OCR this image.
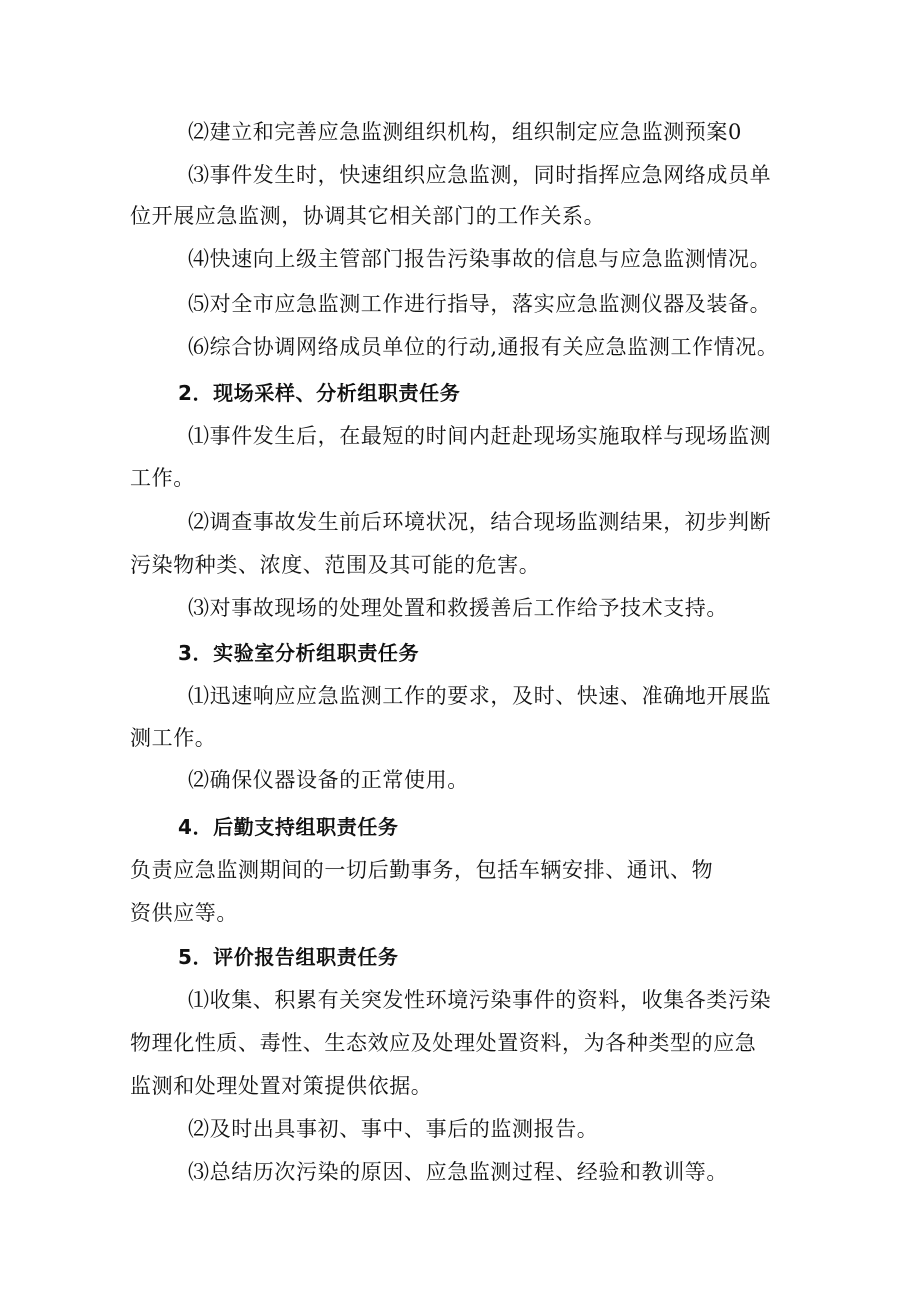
⑵建立和完善应急监测组织机构，组织制定应急监测预案0
⑶事件发生时，快速组织应急监测，同时指挥应急网络成员单
位开展应急监测，协调其它相关部门的工作关系。
⑷快速向上级主管部门报告污染事故的信息与应急监测情况。
⑸对全市应急监测工作进行指导，落实应急监测仪器及装备。
⑹综合协调网络成员单位的行动,通报有关应急监测工作情况。
2．现场采样、分析组职责任务
⑴事件发生后，在最短的时间内赶赴现场实施取样与现场监测
工作。
⑵调查事故发生前后环境状况，结合现场监测结果，初步判断
污染物种类、浓度、范围及其可能的危害。
⑶对事故现场的处理处置和救援善后工作给予技术支持。
3．实验室分析组职责任务
⑴迅速响应应急监测工作的要求，及时、快速、准确地开展监
测工作。
⑵确保仪器设备的正常使用。
4．后勤支持组职责任务
负责应急监测期间的一切后勤事务，包括车辆安排、通讯、物
资供应等。
5．评价报告组职责任务
⑴收集、积累有关突发性环境污染事件的资料，收集各类污染
物理化性质、毒性、生态效应及处理处置资料，为各种类型的应急
监测和处理处置对策提供依据。
⑵及时出具事初、事中、事后的监测报告。
⑶总结历次污染的原因、应急监测过程、经验和教训等。
